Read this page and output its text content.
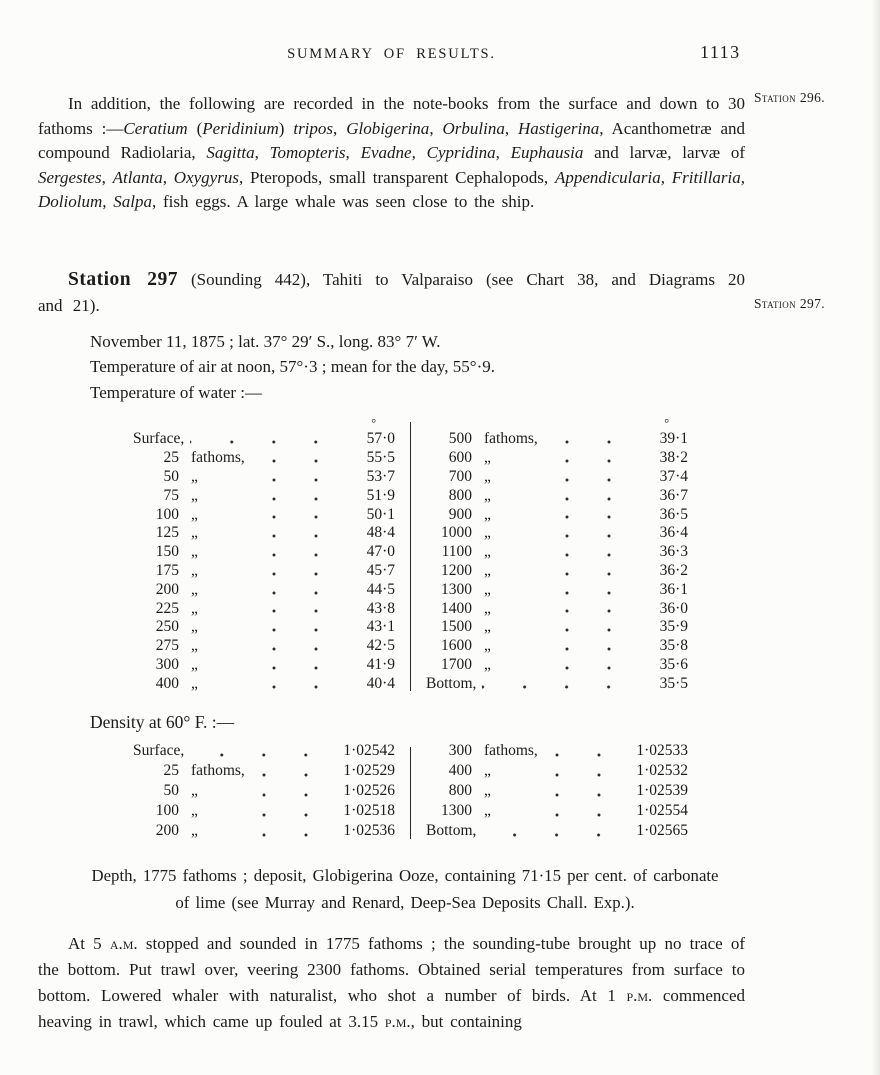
SUMMARY OF RESULTS.	1113
Station 296.
Station 297.

In addition, the following are recorded in the note-books from the surface and down to 30 fathoms :—Ceratium (Peridinium) tripos, Globigerina, Orbulina, Hastigerina, Acanthometræ and compound Radiolaria, Sagitta, Tomopteris, Evadne, Cypridina, Euphausia and larvæ, larvæ of Sergestes, Atlanta, Oxygyrus, Pteropods, small transparent Cephalopods, Appendicularia, Fritillaria, Doliolum, Salpa, fish eggs. A large whale was seen close to the ship.

Station 297 (Sounding 442), Tahiti to Valparaiso (see Chart 38, and Diagrams 20 and 21).

November 11, 1875 ; lat. 37° 29′ S., long. 83° 7′ W.
Temperature of air at noon, 57°·3 ; mean for the day, 55°·9.
Temperature of water :—
°
Surface,	57·0
25 fathoms,	55·5
50 „	53·7
75 „	51·9
100 „	50·1
125 „	48·4
150 „	47·0
175 „	45·7
200 „	44·5
225 „	43·8
250 „	43·1
275 „	42·5
300 „	41·9
400 „	40·4
°
500 fathoms,	39·1
600 „	38·2
700 „	37·4
800 „	36·7
900 „	36·5
1000 „	36·4
1100 „	36·3
1200 „	36·2
1300 „	36·1
1400 „	36·0
1500 „	35·9
1600 „	35·8
1700 „	35·6
Bottom,	35·5
Density at 60° F. :—
Surface,	1·02542
25 fathoms,	1·02529
50 „	1·02526
100 „	1·02518
200 „	1·02536
300 fathoms,	1·02533
400 „	1·02532
800 „	1·02539
1300 „	1·02554
Bottom,	1·02565
Depth, 1775 fathoms ; deposit, Globigerina Ooze, containing 71·15 per cent. of carbonate of lime (see Murray and Renard, Deep-Sea Deposits Chall. Exp.).

At 5 a.m. stopped and sounded in 1775 fathoms ; the sounding-tube brought up no trace of the bottom. Put trawl over, veering 2300 fathoms. Obtained serial temperatures from surface to bottom. Lowered whaler with naturalist, who shot a number of birds. At 1 p.m. commenced heaving in trawl, which came up fouled at 3.15 p.m., but containing
